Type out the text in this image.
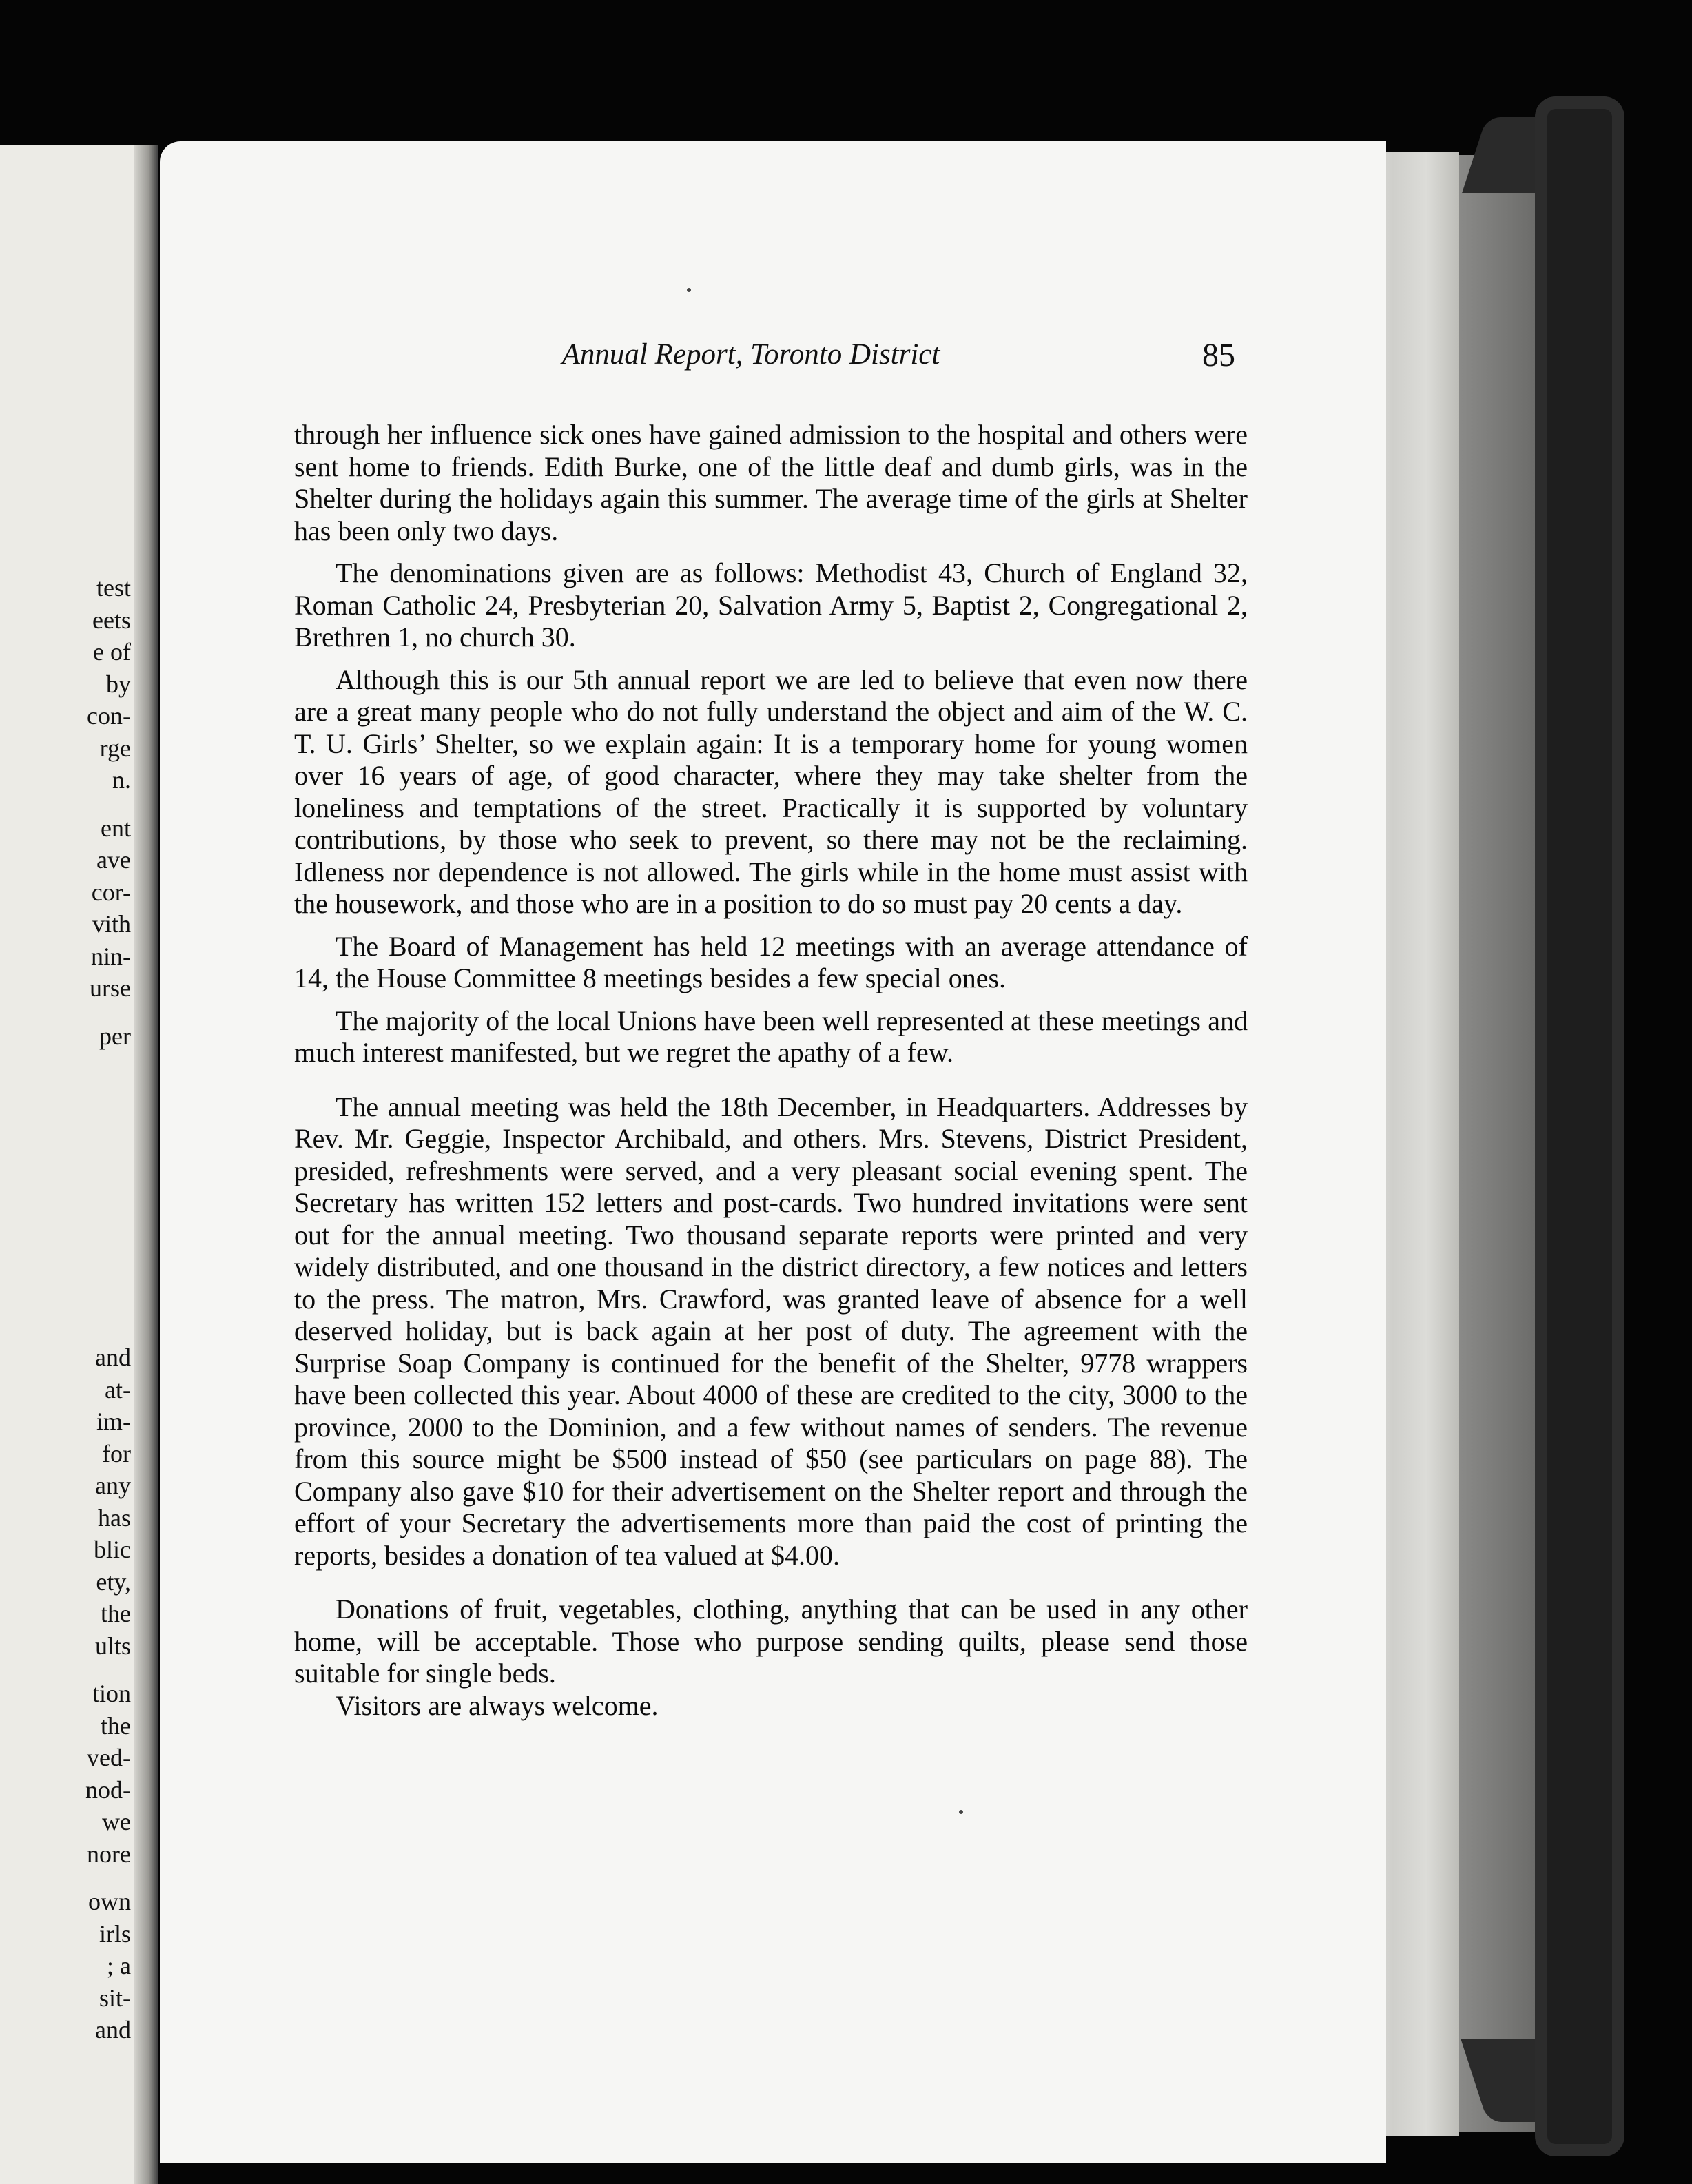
test
eets
e of
by
con-
rge
n.
ent
ave
cor-
vith
nin-
urse
per
and
at-
im-
for
any
has
blic
ety,
the
ults
tion
the
ved-
nod-
we
nore
own
irls
; a
sit-
and
Annual Report, Toronto District	85

through her influence sick ones have gained admission to the hospital and others were sent home to friends. Edith Burke, one of the little deaf and dumb girls, was in the Shelter during the holidays again this summer. The average time of the girls at Shelter has been only two days.

The denominations given are as follows: Methodist 43, Church of England 32, Roman Catholic 24, Presbyterian 20, Salvation Army 5, Baptist 2, Congregational 2, Brethren 1, no church 30.

Although this is our 5th annual report we are led to believe that even now there are a great many people who do not fully understand the object and aim of the W. C. T. U. Girls’ Shelter, so we explain again: It is a temporary home for young women over 16 years of age, of good character, where they may take shelter from the loneliness and temptations of the street. Practically it is supported by voluntary contributions, by those who seek to prevent, so there may not be the reclaiming. Idleness nor dependence is not allowed. The girls while in the home must assist with the housework, and those who are in a position to do so must pay 20 cents a day.

The Board of Management has held 12 meetings with an average attendance of 14, the House Committee 8 meetings besides a few special ones.

The majority of the local Unions have been well represented at these meetings and much interest manifested, but we regret the apathy of a few.

The annual meeting was held the 18th December, in Headquarters. Addresses by Rev. Mr. Geggie, Inspector Archibald, and others. Mrs. Stevens, District President, presided, refreshments were served, and a very pleasant social evening spent. The Secretary has written 152 letters and post-cards. Two hundred invitations were sent out for the annual meeting. Two thousand separate reports were printed and very widely distributed, and one thousand in the district directory, a few notices and letters to the press. The matron, Mrs. Crawford, was granted leave of absence for a well deserved holiday, but is back again at her post of duty. The agreement with the Surprise Soap Company is continued for the benefit of the Shelter, 9778 wrappers have been collected this year. About 4000 of these are credited to the city, 3000 to the province, 2000 to the Dominion, and a few without names of senders. The revenue from this source might be $500 instead of $50 (see particulars on page 88). The Company also gave $10 for their advertisement on the Shelter report and through the effort of your Secretary the advertisements more than paid the cost of printing the reports, besides a donation of tea valued at $4.00.

Donations of fruit, vegetables, clothing, anything that can be used in any other home, will be acceptable. Those who purpose sending quilts, please send those suitable for single beds.

Visitors are always welcome.
